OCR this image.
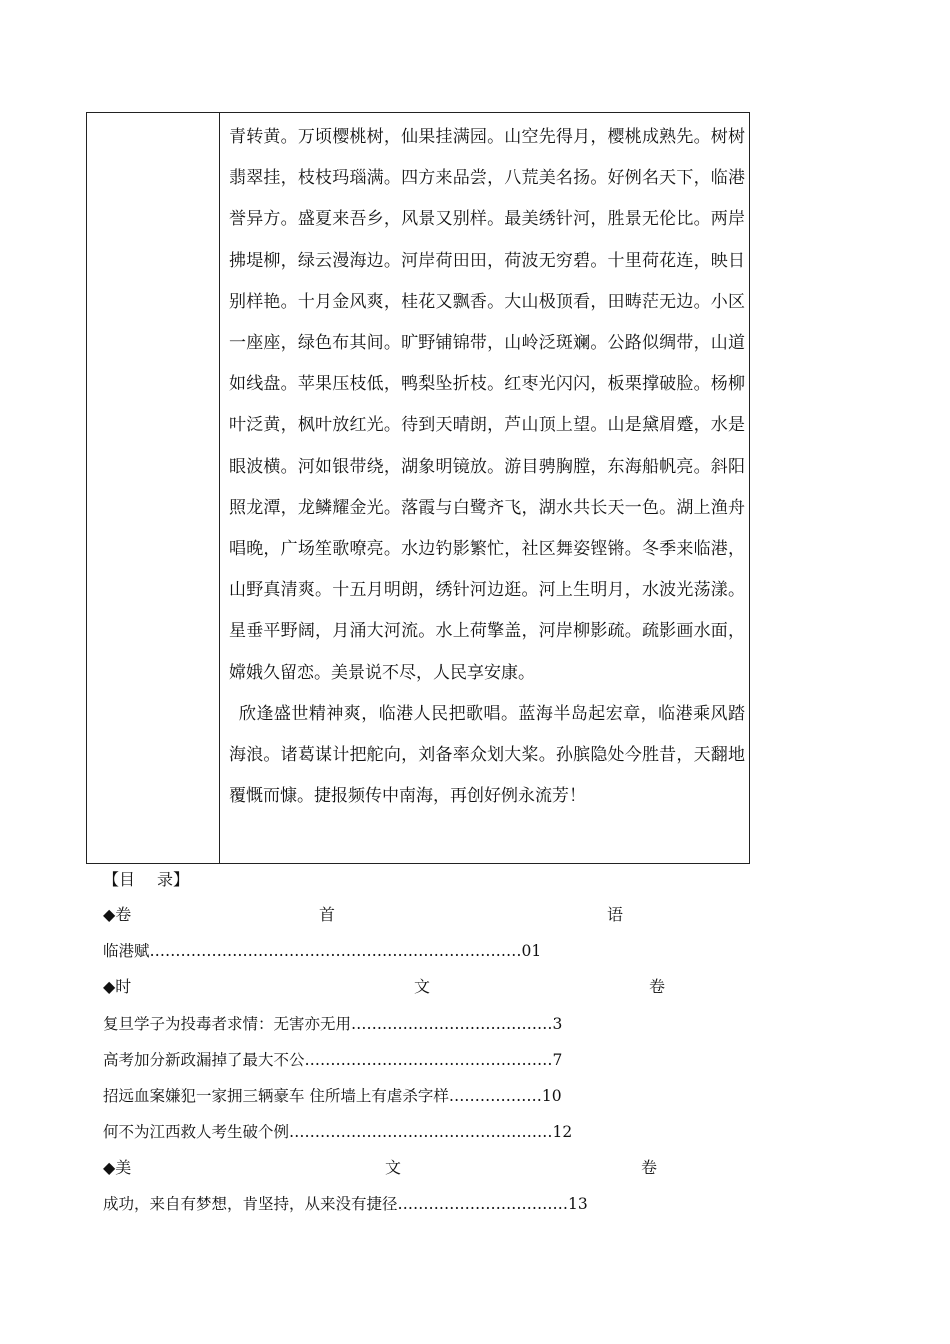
青转黄。万顷樱桃树，仙果挂满园。山空先得月，樱桃成熟先。树树翡翠挂，枝枝玛瑙满。四方来品尝，八荒美名扬。好例名天下，临港誉异方。盛夏来吾乡，风景又别样。最美绣针河，胜景无伦比。两岸拂堤柳，绿云漫海边。河岸荷田田，荷波无穷碧。十里荷花连，映日别样艳。十月金风爽，桂花又飘香。大山极顶看，田畴茫无边。小区一座座，绿色布其间。旷野铺锦带，山岭泛斑斓。公路似绸带，山道如线盘。苹果压枝低，鸭梨坠折枝。红枣光闪闪，板栗撑破脸。杨柳叶泛黄，枫叶放红光。待到天晴朗，芦山顶上望。山是黛眉蹙，水是眼波横。河如银带绕，湖象明镜放。游目骋胸膛，东海船帆亮。斜阳照龙潭，龙鳞耀金光。落霞与白鹭齐飞，湖水共长天一色。湖上渔舟唱晚，广场笙歌嘹亮。水边钓影繁忙，社区舞姿铿锵。冬季来临港，山野真清爽。十五月明朗，绣针河边逛。河上生明月，水波光荡漾。星垂平野阔，月涌大河流。水上荷擎盖，河岸柳影疏。疏影画水面，嫦娥久留恋。美景说不尽，人民享安康。

欣逢盛世精神爽，临港人民把歌唱。蓝海半岛起宏章，临港乘风踏海浪。诸葛谋计把舵向，刘备率众划大桨。孙膑隐处今胜昔，天翻地覆慨而慷。捷报频传中南海，再创好例永流芳！

【目 录】
◆卷	首	语
临港赋………………………………………………………………01
◆时	文	卷
复旦学子为投毒者求情：无害亦无用…………………………………3
高考加分新政漏掉了最大不公…………………………………………7
招远血案嫌犯一家拥三辆豪车 住所墙上有虐杀字样………………10
何不为江西救人考生破个例……………………………………………12
◆美	文	卷
成功，来自有梦想，肯坚持，从来没有捷径……………………………13
